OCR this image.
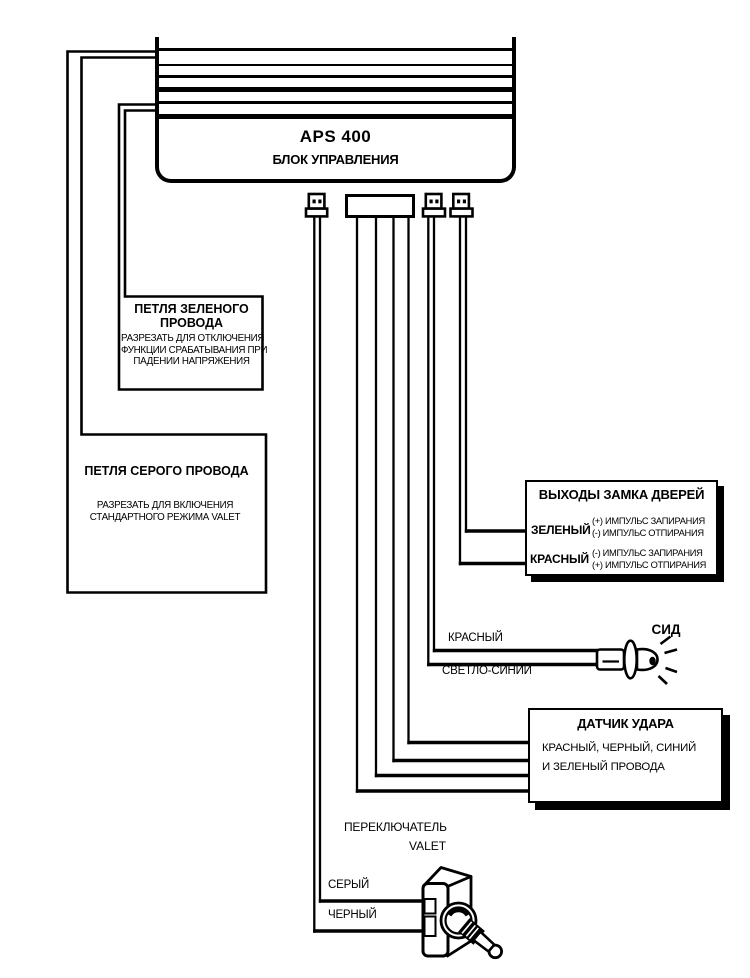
APS 400
БЛОК УПРАВЛЕНИЯ
ПЕТЛЯ ЗЕЛЕНОГО
ПРОВОДА
РАЗРЕЗАТЬ ДЛЯ ОТКЛЮЧЕНИЯ
ФУНКЦИИ СРАБАТЫВАНИЯ ПРИ
ПАДЕНИИ НАПРЯЖЕНИЯ
ПЕТЛЯ СЕРОГО ПРОВОДА
РАЗРЕЗАТЬ ДЛЯ ВКЛЮЧЕНИЯ
СТАНДАРТНОГО РЕЖИМА VALET
ВЫХОДЫ ЗАМКА ДВЕРЕЙ
ЗЕЛЕНЫЙ
(+) ИМПУЛЬС ЗАПИРАНИЯ
(-) ИМПУЛЬС ОТПИРАНИЯ
КРАСНЫЙ (-) ИМПУЛЬС ЗАПИРАНИЯ
(+) ИМПУЛЬС ОТПИРАНИЯ
КРАСНЫЙ
СВЕТЛО-СИНИЙ
СИД
ДАТЧИК УДАРА
КРАСНЫЙ, ЧЕРНЫЙ, СИНИЙ
И ЗЕЛЕНЫЙ ПРОВОДА
ПЕРЕКЛЮЧАТЕЛЬ
VALET
СЕРЫЙ
ЧЕРНЫЙ
